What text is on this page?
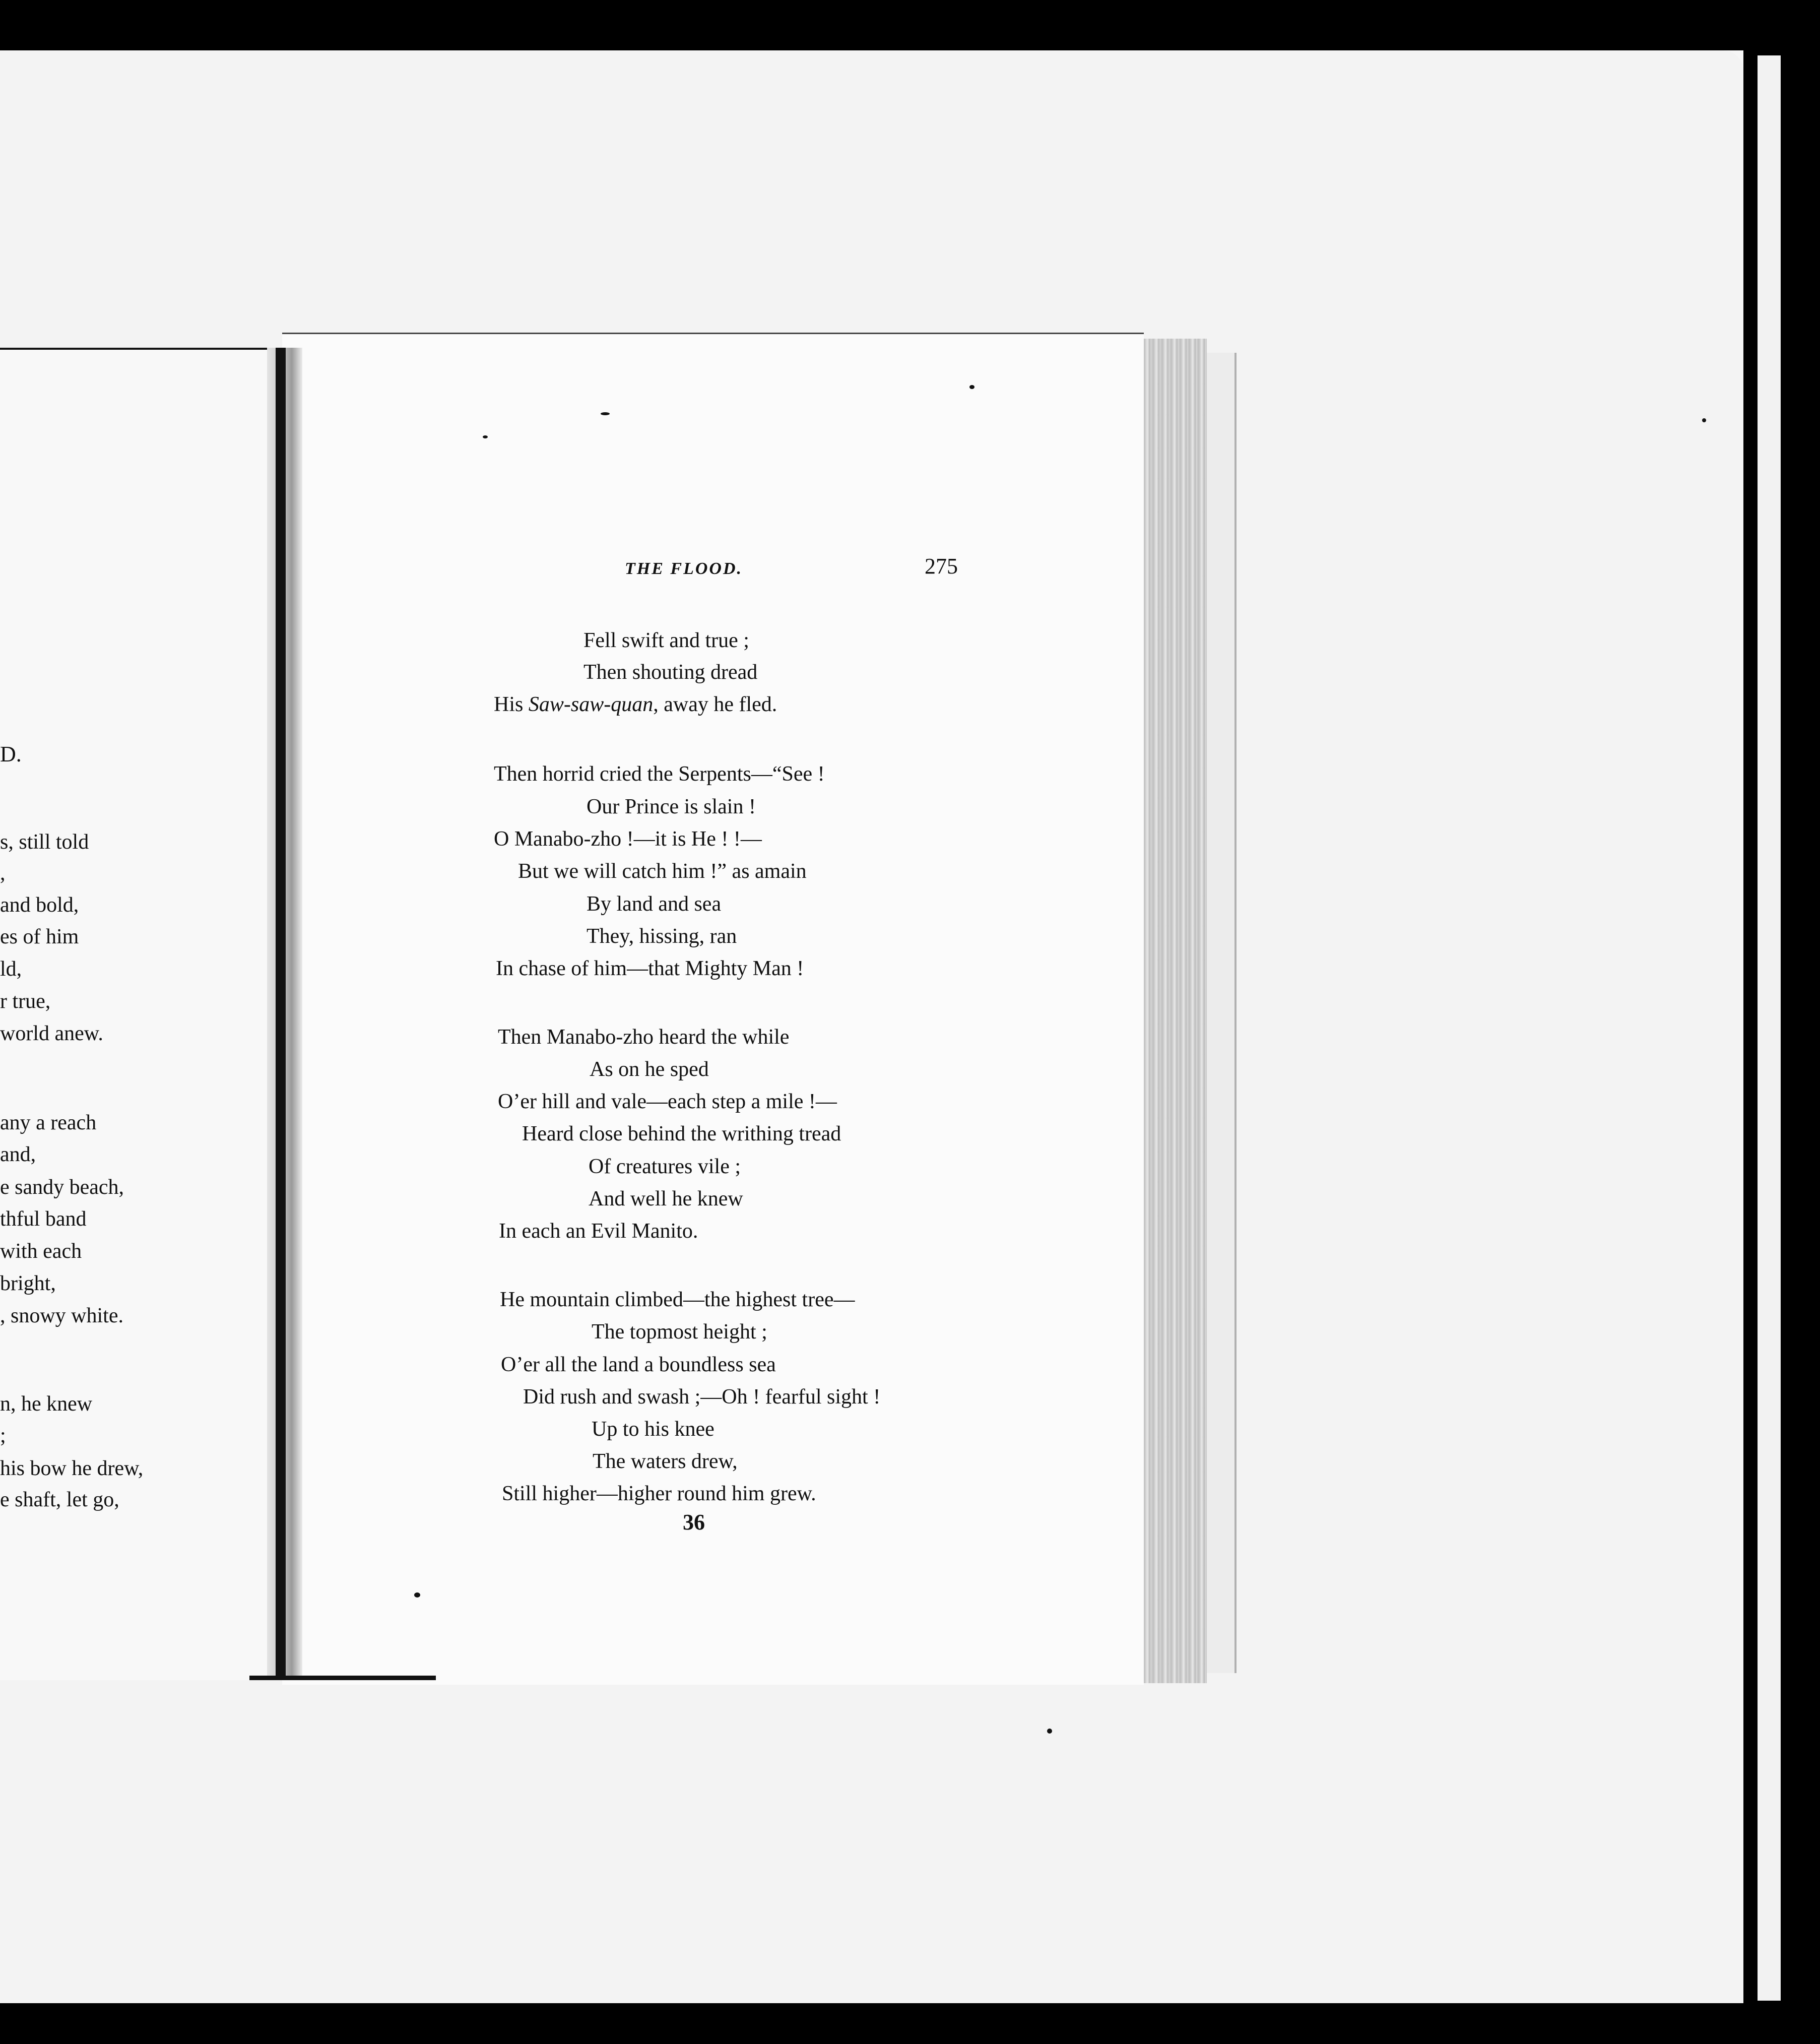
D.
s, still told
,
and bold,
es of him
ld,
r true,
world anew.
any a reach
and,
e sandy beach,
thful band
with each
bright,
, snowy white.
n, he knew
;
his bow he drew,
e shaft, let go,
THE FLOOD.	275
Fell swift and true ;
Then shouting dread
His Saw-saw-quan, away he fled.
Then horrid cried the Serpents—“See !
Our Prince is slain !
O Manabo-zho !—it is He ! !—
But we will catch him !” as amain
By land and sea
They, hissing, ran
In chase of him—that Mighty Man !
Then Manabo-zho heard the while
As on he sped
O’er hill and vale—each step a mile !—
Heard close behind the writhing tread
Of creatures vile ;
And well he knew
In each an Evil Manito.
He mountain climbed—the highest tree—
The topmost height ;
O’er all the land a boundless sea
Did rush and swash ;—Oh ! fearful sight !
Up to his knee
The waters drew,
Still higher—higher round him grew.
36
